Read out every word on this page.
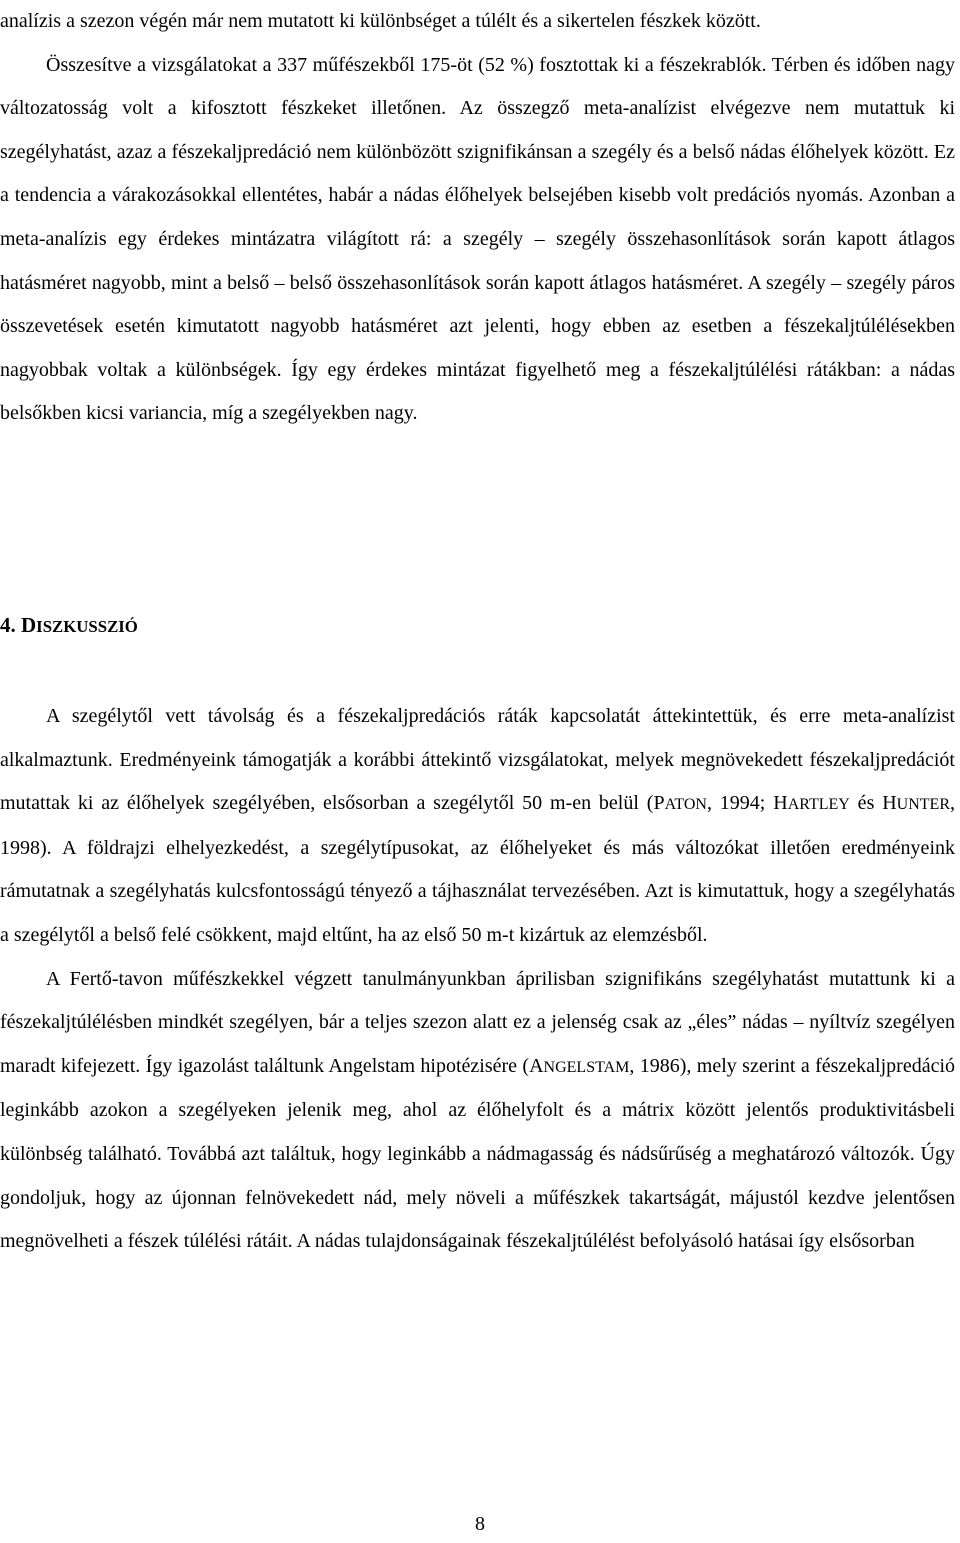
analízis a szezon végén már nem mutatott ki különbséget a túlélt és a sikertelen fészkek között.

Összesítve a vizsgálatokat a 337 műfészekből 175-öt (52 %) fosztottak ki a fészekrablók. Térben és időben nagy változatosság volt a kifosztott fészkeket illetőnen. Az összegző meta-analízist elvégezve nem mutattuk ki szegélyhatást, azaz a fészekaljpredáció nem különbözött szignifikánsan a szegély és a belső nádas élőhelyek között. Ez a tendencia a várakozásokkal ellentétes, habár a nádas élőhelyek belsejében kisebb volt predációs nyomás. Azonban a meta-analízis egy érdekes mintázatra világított rá: a szegély – szegély összehasonlítások során kapott átlagos hatásméret nagyobb, mint a belső – belső összehasonlítások során kapott átlagos hatásméret. A szegély – szegély páros összevetések esetén kimutatott nagyobb hatásméret azt jelenti, hogy ebben az esetben a fészekaljtúlélésekben nagyobbak voltak a különbségek. Így egy érdekes mintázat figyelhető meg a fészekaljtúlélési rátákban: a nádas belsőkben kicsi variancia, míg a szegélyekben nagy.

4. DISZKUSSZIÓ

A szegélytől vett távolság és a fészekaljpredációs ráták kapcsolatát áttekintettük, és erre meta-analízist alkalmaztunk. Eredményeink támogatják a korábbi áttekintő vizsgálatokat, melyek megnövekedett fészekaljpredációt mutattak ki az élőhelyek szegélyében, elsősorban a szegélytől 50 m-en belül (PATON, 1994; HARTLEY és HUNTER, 1998). A földrajzi elhelyezkedést, a szegélytípusokat, az élőhelyeket és más változókat illetően eredményeink rámutatnak a szegélyhatás kulcsfontosságú tényező a tájhasználat tervezésében. Azt is kimutattuk, hogy a szegélyhatás a szegélytől a belső felé csökkent, majd eltűnt, ha az első 50 m-t kizártuk az elemzésből.

A Fertő-tavon műfészkekkel végzett tanulmányunkban áprilisban szignifikáns szegélyhatást mutattunk ki a fészekaljtúlélésben mindkét szegélyen, bár a teljes szezon alatt ez a jelenség csak az „éles” nádas – nyíltvíz szegélyen maradt kifejezett. Így igazolást találtunk Angelstam hipotézisére (ANGELSTAM, 1986), mely szerint a fészekaljpredáció leginkább azokon a szegélyeken jelenik meg, ahol az élőhelyfolt és a mátrix között jelentős produktivitásbeli különbség található. Továbbá azt találtuk, hogy leginkább a nádmagasság és nádsűrűség a meghatározó változók. Úgy gondoljuk, hogy az újonnan felnövekedett nád, mely növeli a műfészkek takartságát, májustól kezdve jelentősen megnövelheti a fészek túlélési rátáit. A nádas tulajdonságainak fészekaljtúlélést befolyásoló hatásai így elsősorban

8
